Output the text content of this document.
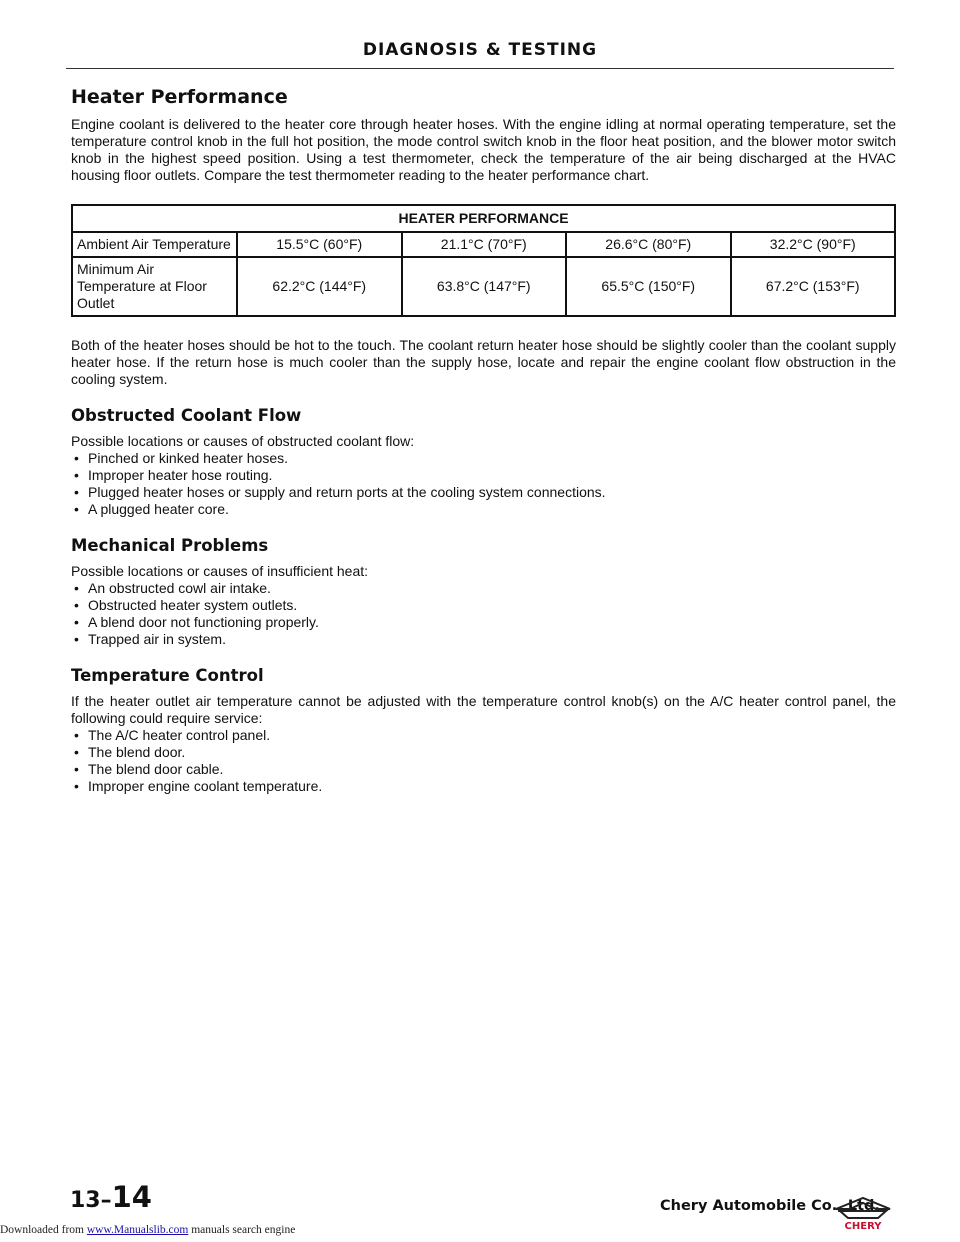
DIAGNOSIS & TESTING
Heater Performance

Engine coolant is delivered to the heater core through heater hoses. With the engine idling at normal operating temperature, set the temperature control knob in the full hot position, the mode control switch knob in the floor heat position, and the blower motor switch knob in the highest speed position. Using a test thermometer, check the temperature of the air being discharged at the HVAC housing floor outlets. Compare the test thermometer reading to the heater performance chart.

HEATER PERFORMANCE				
Ambient Air Temperature	15.5°C (60°F)	21.1°C (70°F)	26.6°C (80°F)	32.2°C (90°F)
Minimum Air Temperature at Floor Outlet	62.2°C (144°F)	63.8°C (147°F)	65.5°C (150°F)	67.2°C (153°F)

Both of the heater hoses should be hot to the touch. The coolant return heater hose should be slightly cooler than the coolant supply heater hose. If the return hose is much cooler than the supply hose, locate and repair the engine coolant flow obstruction in the cooling system.

Obstructed Coolant Flow

Possible locations or causes of obstructed coolant flow:

• Pinched or kinked heater hoses.
• Improper heater hose routing.
• Plugged heater hoses or supply and return ports at the cooling system connections.
• A plugged heater core.
Mechanical Problems

Possible locations or causes of insufficient heat:

• An obstructed cowl air intake.
• Obstructed heater system outlets.
• A blend door not functioning properly.
• Trapped air in system.
Temperature Control

If the heater outlet air temperature cannot be adjusted with the temperature control knob(s) on the A/C heater control panel, the following could require service:

• The A/C heater control panel.
• The blend door.
• The blend door cable.
• Improper engine coolant temperature.
13–14	Chery Automobile Co., Ltd.
CHERY
Downloaded from www.Manualslib.com manuals search engine
